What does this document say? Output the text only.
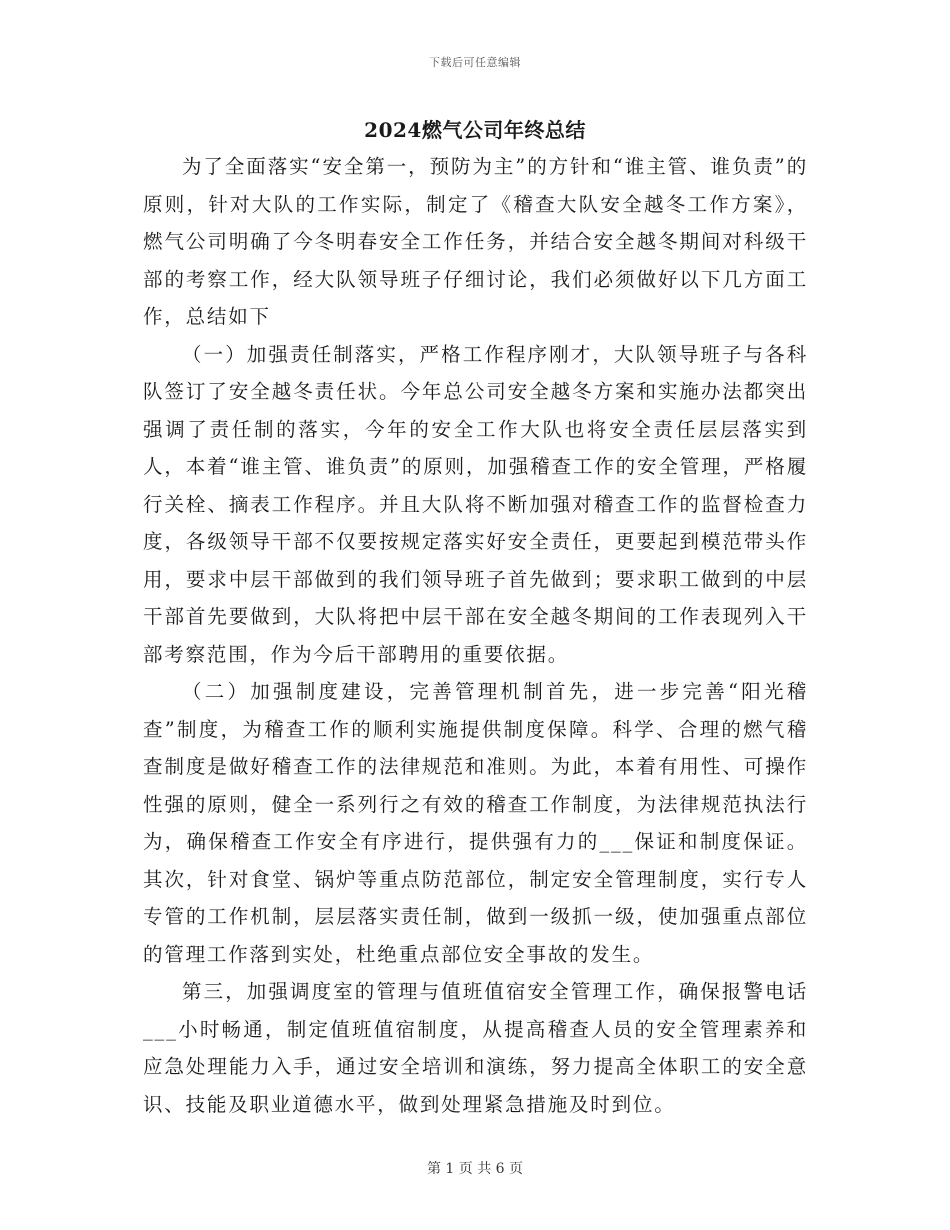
下载后可任意编辑
2024燃气公司年终总结

为了全面落实“安全第一，预防为主”的方针和“谁主管、谁负责”的原则，针对大队的工作实际，制定了《稽查大队安全越冬工作方案》，燃气公司明确了今冬明春安全工作任务，并结合安全越冬期间对科级干部的考察工作，经大队领导班子仔细讨论，我们必须做好以下几方面工作，总结如下

（一）加强责任制落实，严格工作程序刚才，大队领导班子与各科队签订了安全越冬责任状。今年总公司安全越冬方案和实施办法都突出强调了责任制的落实，今年的安全工作大队也将安全责任层层落实到人，本着“谁主管、谁负责”的原则，加强稽查工作的安全管理，严格履行关栓、摘表工作程序。并且大队将不断加强对稽查工作的监督检查力度，各级领导干部不仅要按规定落实好安全责任，更要起到模范带头作用，要求中层干部做到的我们领导班子首先做到；要求职工做到的中层干部首先要做到，大队将把中层干部在安全越冬期间的工作表现列入干部考察范围，作为今后干部聘用的重要依据。

（二）加强制度建设，完善管理机制首先，进一步完善“阳光稽查”制度，为稽查工作的顺利实施提供制度保障。科学、合理的燃气稽查制度是做好稽查工作的法律规范和准则。为此，本着有用性、可操作性强的原则，健全一系列行之有效的稽查工作制度，为法律规范执法行为，确保稽查工作安全有序进行，提供强有力的___保证和制度保证。其次，针对食堂、锅炉等重点防范部位，制定安全管理制度，实行专人专管的工作机制，层层落实责任制，做到一级抓一级，使加强重点部位的管理工作落到实处，杜绝重点部位安全事故的发生。

第三，加强调度室的管理与值班值宿安全管理工作，确保报警电话___小时畅通，制定值班值宿制度，从提高稽查人员的安全管理素养和应急处理能力入手，通过安全培训和演练，努力提高全体职工的安全意识、技能及职业道德水平，做到处理紧急措施及时到位。

第 1 页 共 6 页
